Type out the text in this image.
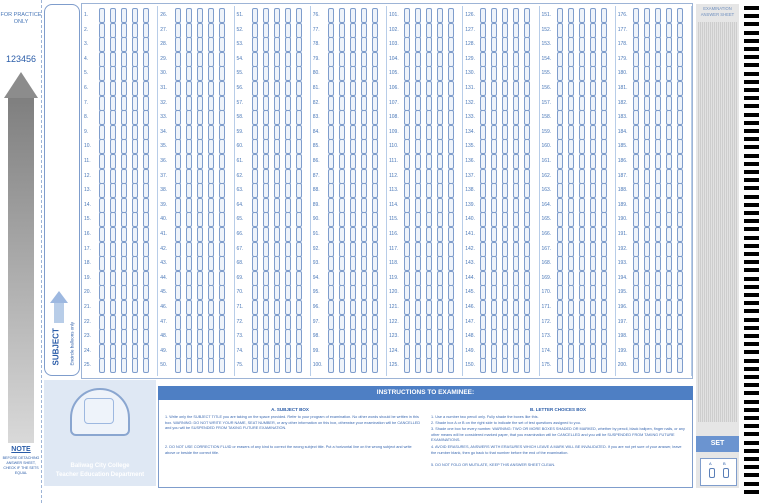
FOR PRACTICE ONLY
123456
NOTE
BEFORE DETACHING ANSWER SHEET, CHECK IF THE SETS EQUAL
SUBJECT Encircle balloons only
1.
2.
3.
4.
5.
6.
7.
8.
9.
10.
11.
12.
13.
14.
15.
16.
17.
18.
19.
20.
21.
22.
23.
24.
25.
26.
27.
28.
29.
30.
31.
32.
33.
34.
35.
36.
37.
38.
39.
40.
41.
42.
43.
44.
45.
46.
47.
48.
49.
50.
51.
52.
53.
54.
55.
56.
57.
58.
59.
60.
61.
62.
63.
64.
65.
66.
67.
68.
69.
70.
71.
72.
73.
74.
75.
76.
77.
78.
79.
80.
81.
82.
83.
84.
85.
86.
87.
88.
89.
90.
91.
92.
93.
94.
95.
96.
97.
98.
99.
100.
101.
102.
103.
104.
105.
106.
107.
108.
109.
110.
111.
112.
113.
114.
115.
116.
117.
118.
119.
120.
121.
122.
123.
124.
125.
126.
127.
128.
129.
130.
131.
132.
133.
134.
135.
136.
137.
138.
139.
140.
141.
142.
143.
144.
145.
146.
147.
148.
149.
150.
151.
152.
153.
154.
155.
156.
157.
158.
159.
160.
161.
162.
163.
164.
165.
166.
167.
168.
169.
170.
171.
172.
173.
174.
175.
176.
177.
178.
179.
180.
181.
182.
183.
184.
185.
186.
187.
188.
189.
190.
191.
192.
193.
194.
195.
196.
197.
198.
199.
200.
Baliwag City College
Teacher Education Department
A. SUBJECT BOX
1. Write only the SUBJECT TITLE you are taking on the space provided. Refer to your program of examination. No other words should be written in this box. WARNING: DO NOT WRITE YOUR NAME, SEAT NUMBER, or any other information on this box, otherwise your examination will be CANCELLED and you will be SUSPENDED FROM TAKING FUTURE EXAMINATION.
2. DO NOT USE CORRECTION FLUID or erasers of any kind to correct the wrong subject title. Put a horizontal line on the wrong subject and write above or beside the correct title.
B. LETTER CHOICES BOX
1. Use a number two pencil only. Fully shade the boxes like this.
2. Shade box A or B on the right side to indicate the set of test questions assigned to you.
3. Shade one box for every number. WARNING: TWO OR MORE BOXES SHADED OR MARKED, whether by pencil, black ballpen, finger nails, or any other means will be considered marked paper, that you examination will be CANCELLED and you will be SUSPENDED FROM TAKING FUTURE EXAMINATIONS.
4. AVOID ERASURES, ANSWERS WITH ERASURES WHICH LEAVE A MARK WILL BE INVALIDATED. If you are not yet sure of your answer, leave the number blank, then go back to that number before the end of the examination.
5. DO NOT FOLD OR MUTILATE, KEEP THIS ANSWER SHEET CLEAN.
INSTRUCTIONS TO EXAMINEE:
EXAMINATION ANSWER SHEET
SET
A	B
